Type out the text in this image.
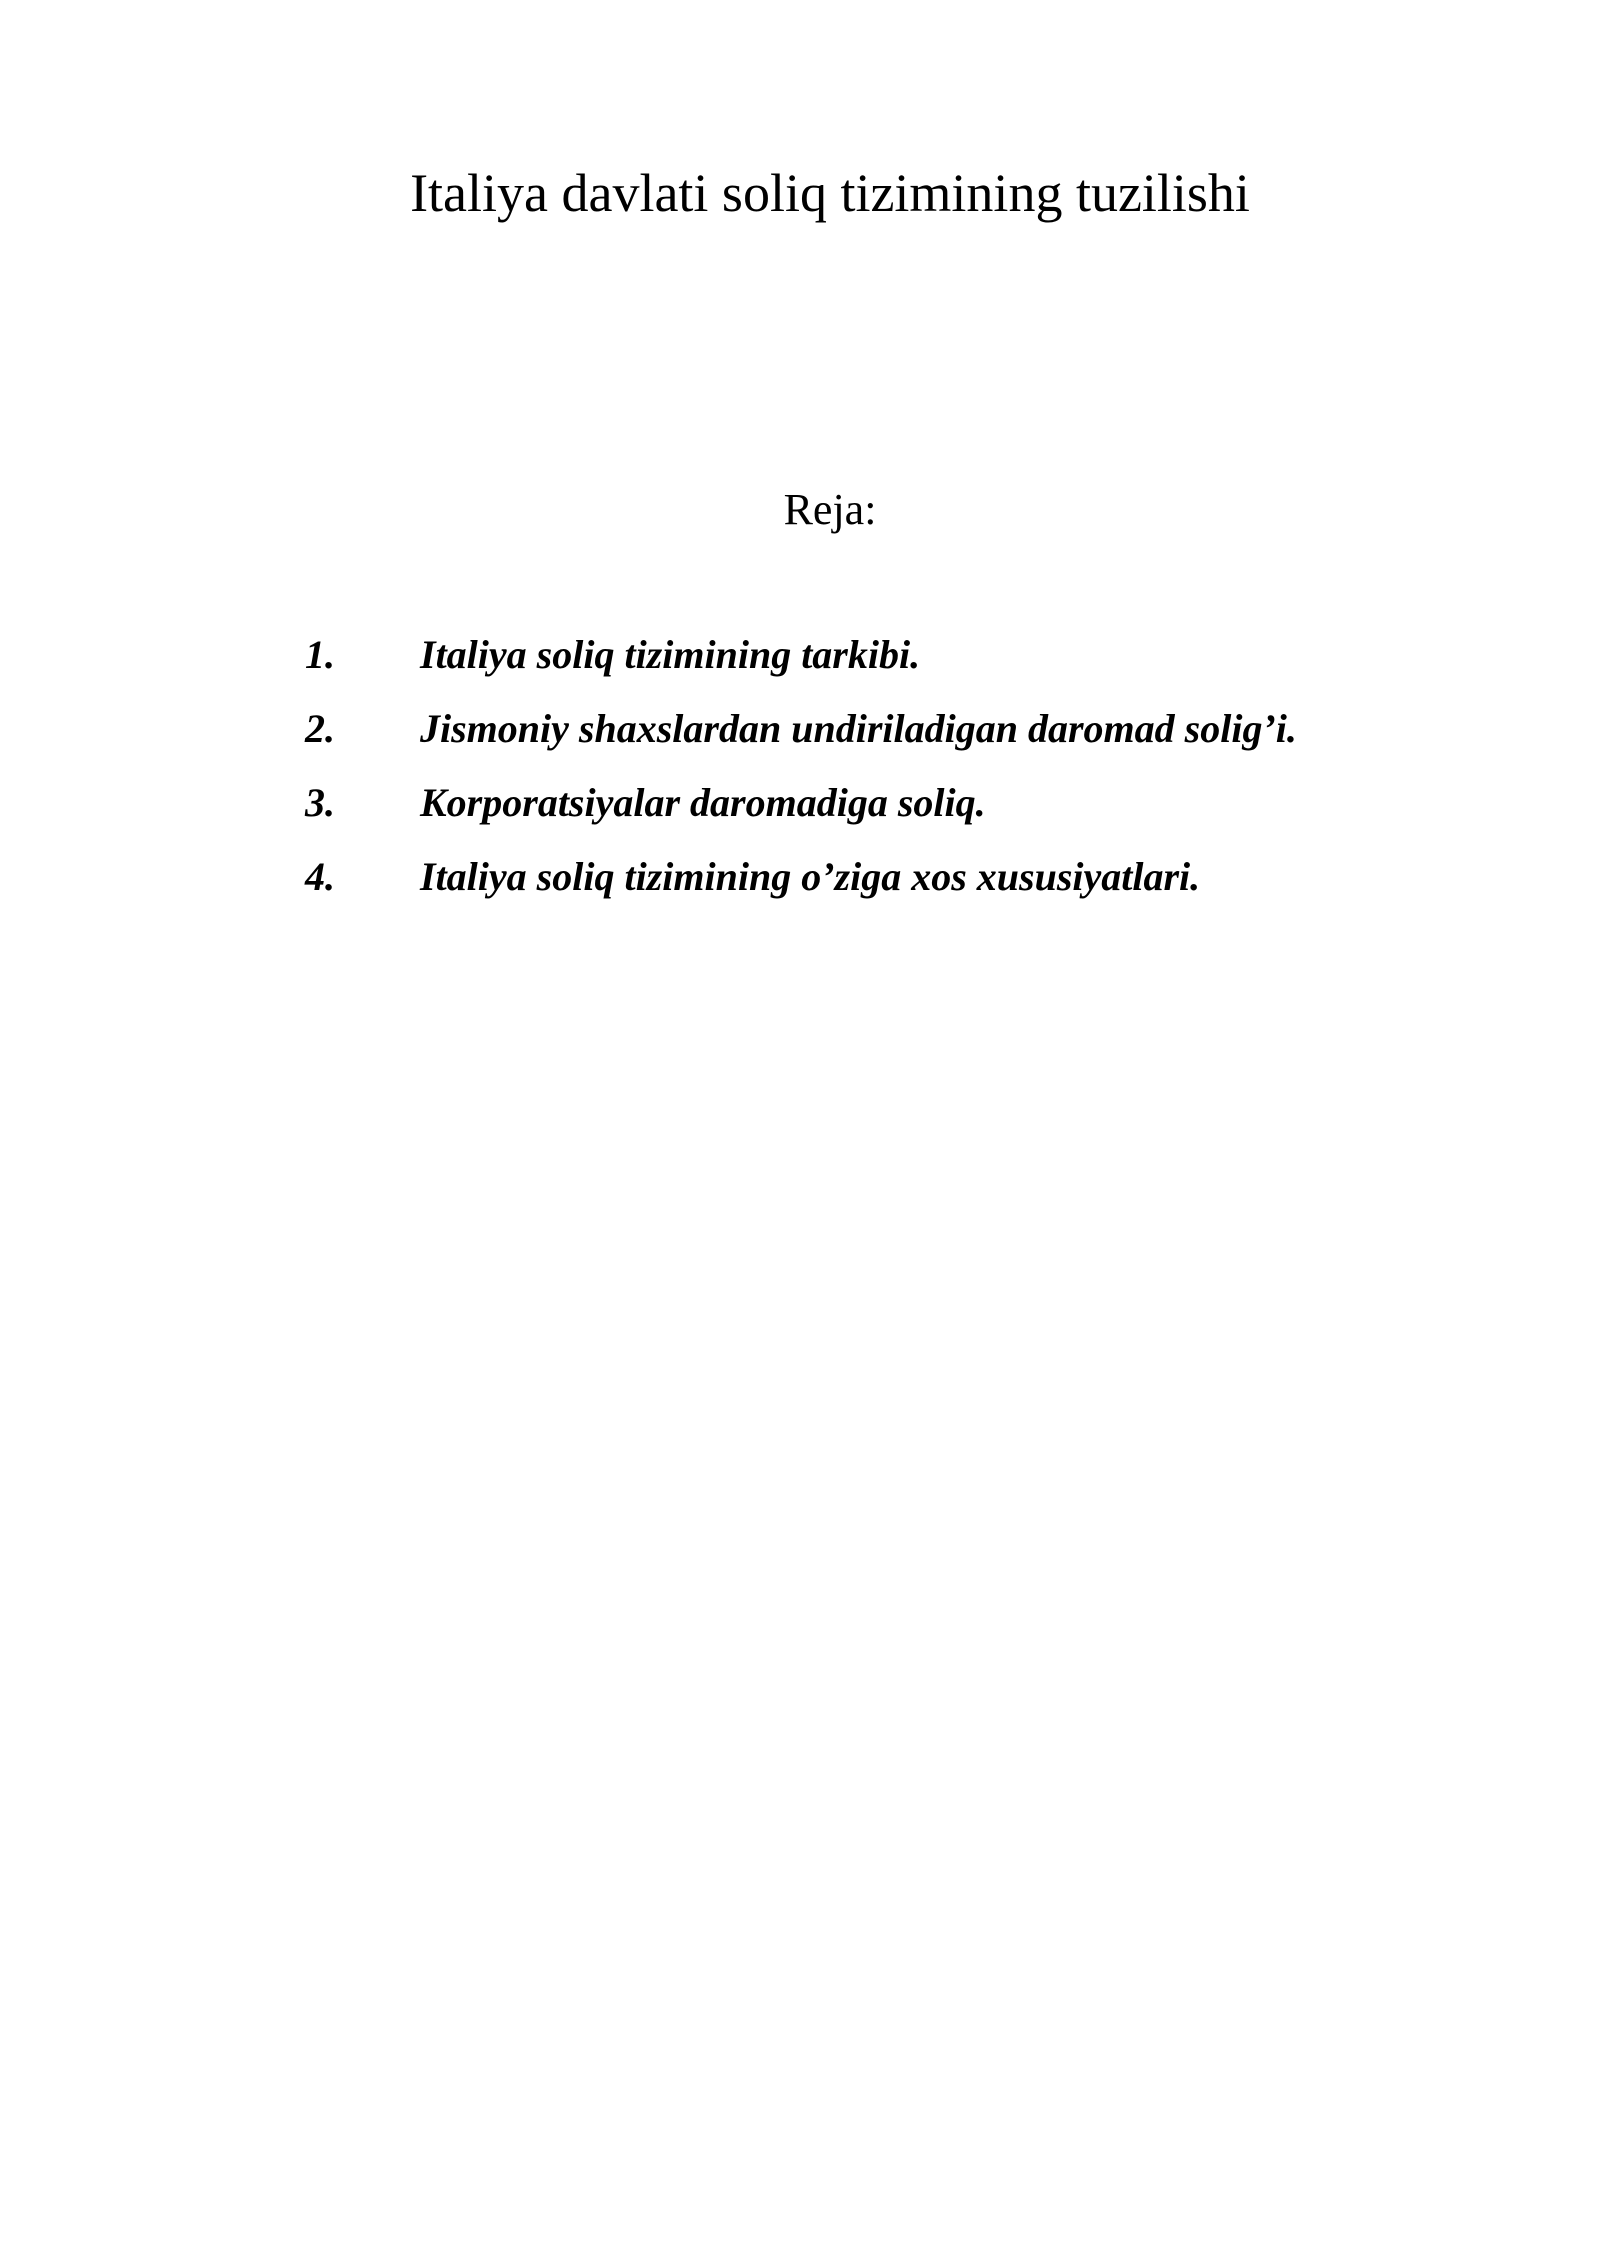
Italiya davlati soliq tizimining tuzilishi

Reja:

1.	Italiya soliq tizimining tarkibi.
2.	Jismoniy shaxslardan undiriladigan daromad solig’i.
3.	Korporatsiyalar daromadiga soliq.
4.	Italiya soliq tizimining o’ziga xos xususiyatlari.
